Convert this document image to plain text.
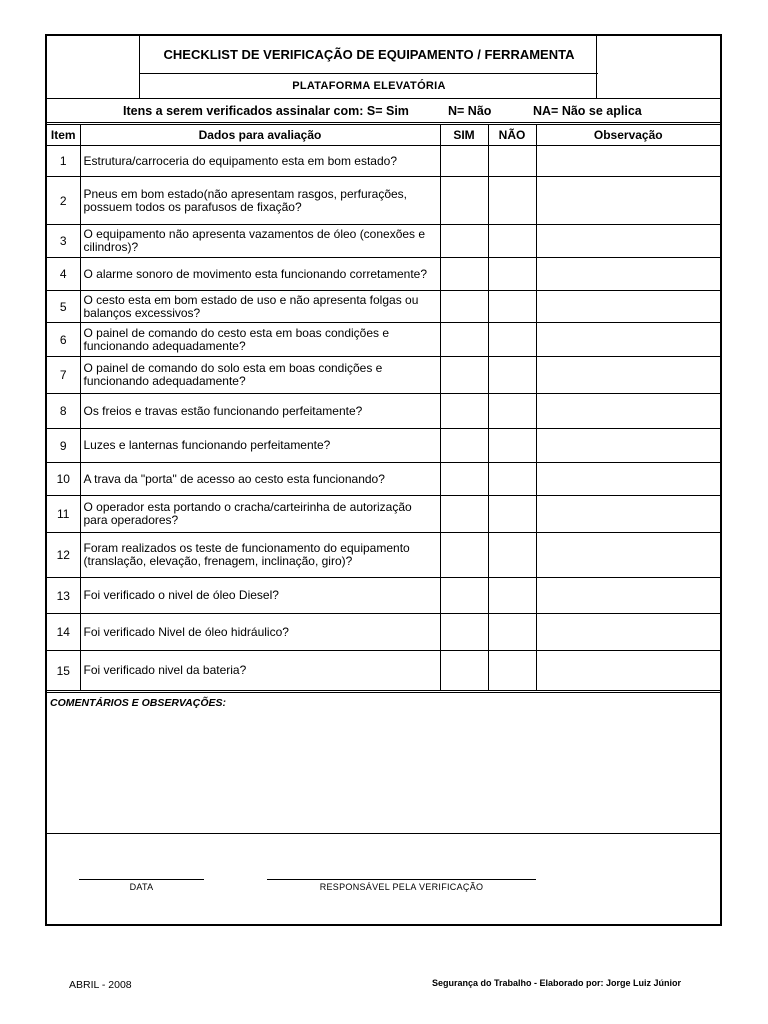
CHECKLIST DE VERIFICAÇÃO DE EQUIPAMENTO / FERRAMENTA
PLATAFORMA ELEVATÓRIA
Itens a serem verificados assinalar com: S= Sim	N= Não	NA= Não se aplica
Item	Dados para avaliação	SIM	NÃO	Observação
1	Estrutura/carroceria do equipamento esta em bom estado?			
2	Pneus em bom estado(não apresentam rasgos, perfurações, possuem todos os parafusos de fixação?			
3	O equipamento não apresenta vazamentos de óleo (conexões e cilindros)?			
4	O alarme sonoro de movimento esta funcionando corretamente?			
5	O cesto esta em bom estado de uso e não apresenta folgas ou balanços excessivos?			
6	O painel de comando do cesto esta em boas condições e funcionando adequadamente?			
7	O painel de comando do solo esta em boas condições e funcionando adequadamente?			
8	Os freios e travas estão funcionando perfeitamente?			
9	Luzes e lanternas funcionando perfeitamente?			
10	A trava da "porta" de acesso ao cesto esta funcionando?			
11	O operador esta portando o cracha/carteirinha de autorização para operadores?			
12	Foram realizados os teste de funcionamento do equipamento (translação, elevação, frenagem, inclinação, giro)?			
13	Foi verificado o nivel de óleo Diesel?			
14	Foi verificado Nivel de óleo hidráulico?			
15	Foi verificado nivel da bateria?			
COMENTÁRIOS E OBSERVAÇÕES:
DATA	RESPONSÁVEL PELA VERIFICAÇÃO
ABRIL - 2008	Segurança do Trabalho - Elaborado por: Jorge Luiz Júnior
